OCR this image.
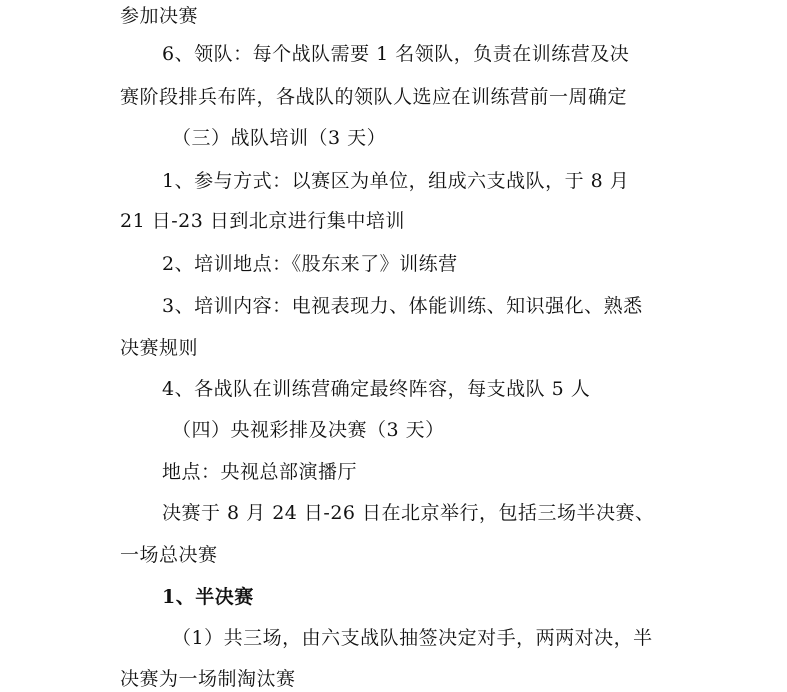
参加决赛
6、领队：每个战队需要 1 名领队，负责在训练营及决
赛阶段排兵布阵，各战队的领队人选应在训练营前一周确定
（三）战队培训（3 天）
1、参与方式：以赛区为单位，组成六支战队，于 8 月
21 日-23 日到北京进行集中培训
2、培训地点：《股东来了》训练营
3、培训内容：电视表现力、体能训练、知识强化、熟悉
决赛规则
4、各战队在训练营确定最终阵容，每支战队 5 人
（四）央视彩排及决赛（3 天）
地点：央视总部演播厅
决赛于 8 月 24 日-26 日在北京举行，包括三场半决赛、
一场总决赛
1、半决赛
（1）共三场，由六支战队抽签决定对手，两两对决，半
决赛为一场制淘汰赛
